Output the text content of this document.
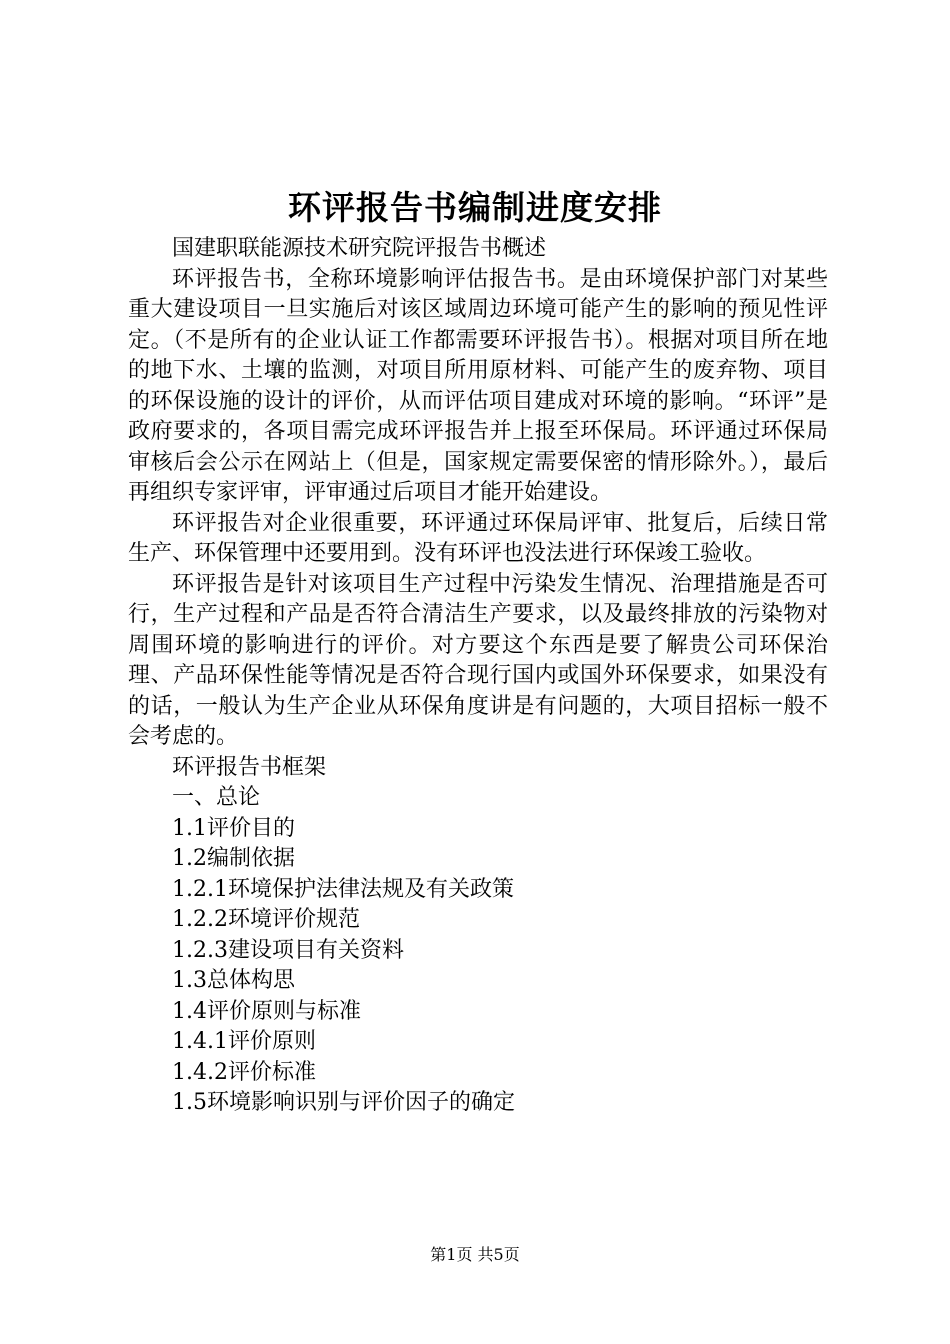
环评报告书编制进度安排

国建职联能源技术研究院评报告书概述

环评报告书，全称环境影响评估报告书。是由环境保护部门对某些重大建设项目一旦实施后对该区域周边环境可能产生的影响的预见性评定。（不是所有的企业认证工作都需要环评报告书）。根据对项目所在地的地下水、土壤的监测，对项目所用原材料、可能产生的废弃物、项目的环保设施的设计的评价，从而评估项目建成对环境的影响。“环评”是政府要求的，各项目需完成环评报告并上报至环保局。环评通过环保局审核后会公示在网站上（但是，国家规定需要保密的情形除外。），最后再组织专家评审，评审通过后项目才能开始建设。

环评报告对企业很重要，环评通过环保局评审、批复后，后续日常生产、环保管理中还要用到。没有环评也没法进行环保竣工验收。

环评报告是针对该项目生产过程中污染发生情况、治理措施是否可行，生产过程和产品是否符合清洁生产要求，以及最终排放的污染物对周围环境的影响进行的评价。对方要这个东西是要了解贵公司环保治理、产品环保性能等情况是否符合现行国内或国外环保要求，如果没有的话，一般认为生产企业从环保角度讲是有问题的，大项目招标一般不会考虑的。

环评报告书框架

一、总论

1.1评价目的

1.2编制依据

1.2.1环境保护法律法规及有关政策

1.2.2环境评价规范

1.2.3建设项目有关资料

1.3总体构思

1.4评价原则与标准

1.4.1评价原则

1.4.2评价标准

1.5环境影响识别与评价因子的确定

第1页 共5页
